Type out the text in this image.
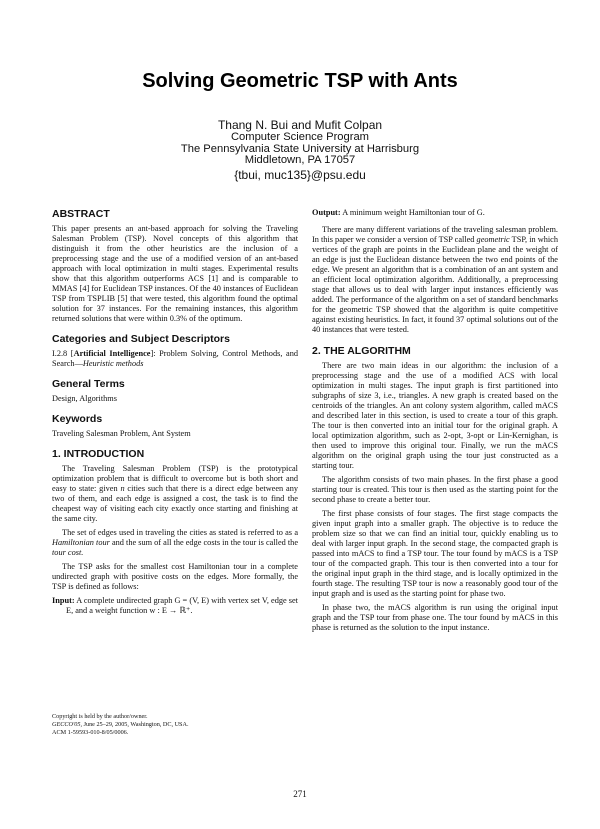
Solving Geometric TSP with Ants
Thang N. Bui and Mufit Colpan
Computer Science Program
The Pennsylvania State University at Harrisburg
Middletown, PA 17057
{tbui, muc135}@psu.edu
ABSTRACT

This paper presents an ant-based approach for solving the Traveling Salesman Problem (TSP). Novel concepts of this algorithm that distinguish it from the other heuristics are the inclusion of a preprocessing stage and the use of a modified version of an ant-based approach with local optimization in multi stages. Experimental results show that this algorithm outperforms ACS [1] and is comparable to MMAS [4] for Euclidean TSP instances. Of the 40 instances of Euclidean TSP from TSPLIB [5] that were tested, this algorithm found the optimal solution for 37 instances. For the remaining instances, this algorithm returned solutions that were within 0.3% of the optimum.

Categories and Subject Descriptors

I.2.8 [Artificial Intelligence]: Problem Solving, Control Methods, and Search—Heuristic methods

General Terms

Design, Algorithms

Keywords

Traveling Salesman Problem, Ant System

1. INTRODUCTION

The Traveling Salesman Problem (TSP) is the prototypical optimization problem that is difficult to overcome but is both short and easy to state: given n cities such that there is a direct edge between any two of them, and each edge is assigned a cost, the task is to find the cheapest way of visiting each city exactly once starting and finishing at the same city.

The set of edges used in traveling the cities as stated is referred to as a Hamiltonian tour and the sum of all the edge costs in the tour is called the tour cost.

The TSP asks for the smallest cost Hamiltonian tour in a complete undirected graph with positive costs on the edges. More formally, the TSP is defined as follows:

Input: A complete undirected graph G = (V, E) with vertex set V, edge set E, and a weight function w : E → ℝ⁺.

Copyright is held by the author/owner.
GECCO'05, June 25–29, 2005, Washington, DC, USA.
ACM 1-59593-010-8/05/0006.

Output: A minimum weight Hamiltonian tour of G.

There are many different variations of the traveling salesman problem. In this paper we consider a version of TSP called geometric TSP, in which vertices of the graph are points in the Euclidean plane and the weight of an edge is just the Euclidean distance between the two end points of the edge. We present an algorithm that is a combination of an ant system and an efficient local optimization algorithm. Additionally, a preprocessing stage that allows us to deal with larger input instances efficiently was added. The performance of the algorithm on a set of standard benchmarks for the geometric TSP showed that the algorithm is quite competitive against existing heuristics. In fact, it found 37 optimal solutions out of the 40 instances that were tested.

2. THE ALGORITHM

There are two main ideas in our algorithm: the inclusion of a preprocessing stage and the use of a modified ACS with local optimization in multi stages. The input graph is first partitioned into subgraphs of size 3, i.e., triangles. A new graph is created based on the centroids of the triangles. An ant colony system algorithm, called mACS and described later in this section, is used to create a tour of this graph. The tour is then converted into an initial tour for the original graph. A local optimization algorithm, such as 2-opt, 3-opt or Lin-Kernighan, is then used to improve this original tour. Finally, we run the mACS algorithm on the original graph using the tour just constructed as a starting tour.

The algorithm consists of two main phases. In the first phase a good starting tour is created. This tour is then used as the starting point for the second phase to create a better tour.

The first phase consists of four stages. The first stage compacts the given input graph into a smaller graph. The objective is to reduce the problem size so that we can find an initial tour, quickly enabling us to deal with larger input graph. In the second stage, the compacted graph is passed into mACS to find a TSP tour. The tour found by mACS is a TSP tour of the compacted graph. This tour is then converted into a tour for the original input graph in the third stage, and is locally optimized in the fourth stage. The resulting TSP tour is now a reasonably good tour of the input graph and is used as the starting point for phase two.

In phase two, the mACS algorithm is run using the original input graph and the TSP tour from phase one. The tour found by mACS in this phase is returned as the solution to the input instance.

271
